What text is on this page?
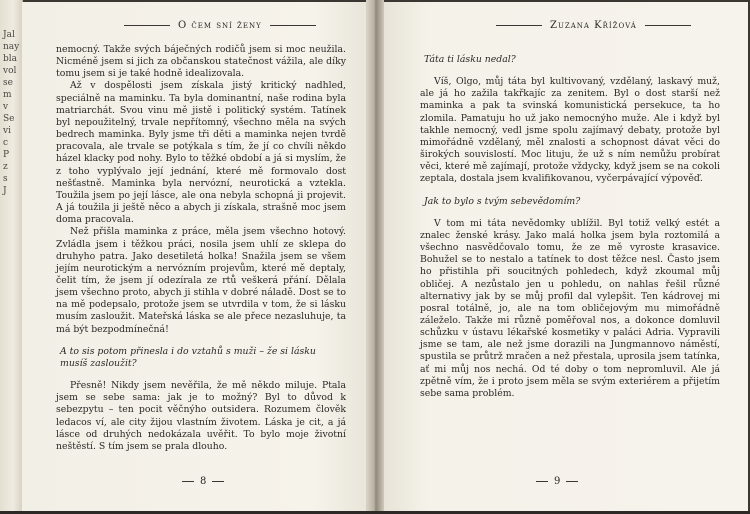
Jal
nay
bla
vol
se
m
v
Se
vi
c
P
z
s
J
O čem sní ženy

nemocný. Takže svých báječných rodičů jsem si moc neužila. Nicméně jsem si jich za občanskou statečnost vážila, ale díky tomu jsem si je také hodně idealizovala.

Až v dospělosti jsem získala jistý kritický nadhled, speciálně na maminku. Ta byla dominantní, naše rodina byla matriarchát. Svou vinu mě jistě i politický systém. Tatínek byl nepoužitelný, trvale nepřítomný, všechno měla na svých bedrech maminka. Byly jsme tři děti a maminka nejen tvrdě pracovala, ale trvale se potýkala s tím, že jí co chvíli někdo házel klacky pod nohy. Bylo to těžké období a já si myslím, že z toho vyplývalo její jednání, které mě formovalo dost nešťastně. Maminka byla nervózní, neurotická a vztekla. Toužila jsem po její lásce, ale ona nebyla schopná ji projevit. A já toužila ji ještě něco a abych ji získala, strašně moc jsem doma pracovala.

Než přišla maminka z práce, měla jsem všechno hotový. Zvládla jsem i těžkou práci, nosila jsem uhlí ze sklepa do druhyho patra. Jako desetiletá holka! Snažila jsem se všem jejím neurotickým a nervózním projevům, které mě deptaly, čelit tím, že jsem jí odezírala ze rtů veškerá přání. Dělala jsem všechno proto, abych ji stihla v dobré náladě. Dost se to na mě podepsalo, protože jsem se utvrdila v tom, že si lásku musím zasloužit. Mateřská láska se ale přece nezasluhuje, ta má být bezpodmínečná!

A to sis potom přinesla i do vztahů s muži – že si lásku musíš zasloužit?

Přesně! Nikdy jsem nevěřila, že mě někdo miluje. Ptala jsem se sebe sama: jak je to možný? Byl to důvod k sebezpytu – ten pocit věčnýho outsidera. Rozumem člověk ledacos ví, ale city žijou vlastním životem. Láska je cit, a já lásce od druhých nedokázala uvěřit. To bylo moje životní neštěstí. S tím jsem se prala dlouho.

8
Zuzana Křížová

Táta ti lásku nedal?

Víš, Olgo, můj táta byl kultivovaný, vzdělaný, laskavý muž, ale já ho zažila takřkajíc za zenitem. Byl o dost starší než maminka a pak ta svinská komunistická persekuce, ta ho zlomila. Pamatuju ho už jako nemocnýho muže. Ale i když byl takhle nemocný, vedl jsme spolu zajímavý debaty, protože byl mimořádně vzdělaný, měl znalosti a schopnost dávat věci do širokých souvislostí. Moc lituju, že už s ním nemůžu probírat věci, které mě zajímají, protože vždycky, když jsem se na cokoli zeptala, dostala jsem kvalifikovanou, vyčerpávající výpověď.

Jak to bylo s tvým sebevědomím?

V tom mi táta nevědomky ublížil. Byl totiž velký estét a znalec ženské krásy. Jako malá holka jsem byla roztomilá a všechno nasvědčovalo tomu, že ze mě vyroste krasavice. Bohužel se to nestalo a tatínek to dost těžce nesl. Často jsem ho přistihla při soucitných pohledech, když zkoumal můj obličej. A nezůstalo jen u pohledu, on nahlas řešil různé alternativy jak by se můj profil dal vylepšit. Ten kádrovej mi posral totálně, jo, ale na tom obličejovým mu mimořádně záleželo. Takže mi různě poměřoval nos, a dokonce domluvil schůzku v ústavu lékařské kosmetiky v paláci Adria. Vypravili jsme se tam, ale než jsme dorazili na Jungmannovo náměstí, spustila se průtrž mračen a než přestala, uprosila jsem tatínka, ať mi můj nos nechá. Od té doby o tom nepromluvil. Ale já zpětně vím, že i proto jsem měla se svým exteriérem a přijetím sebe sama problém.

9
